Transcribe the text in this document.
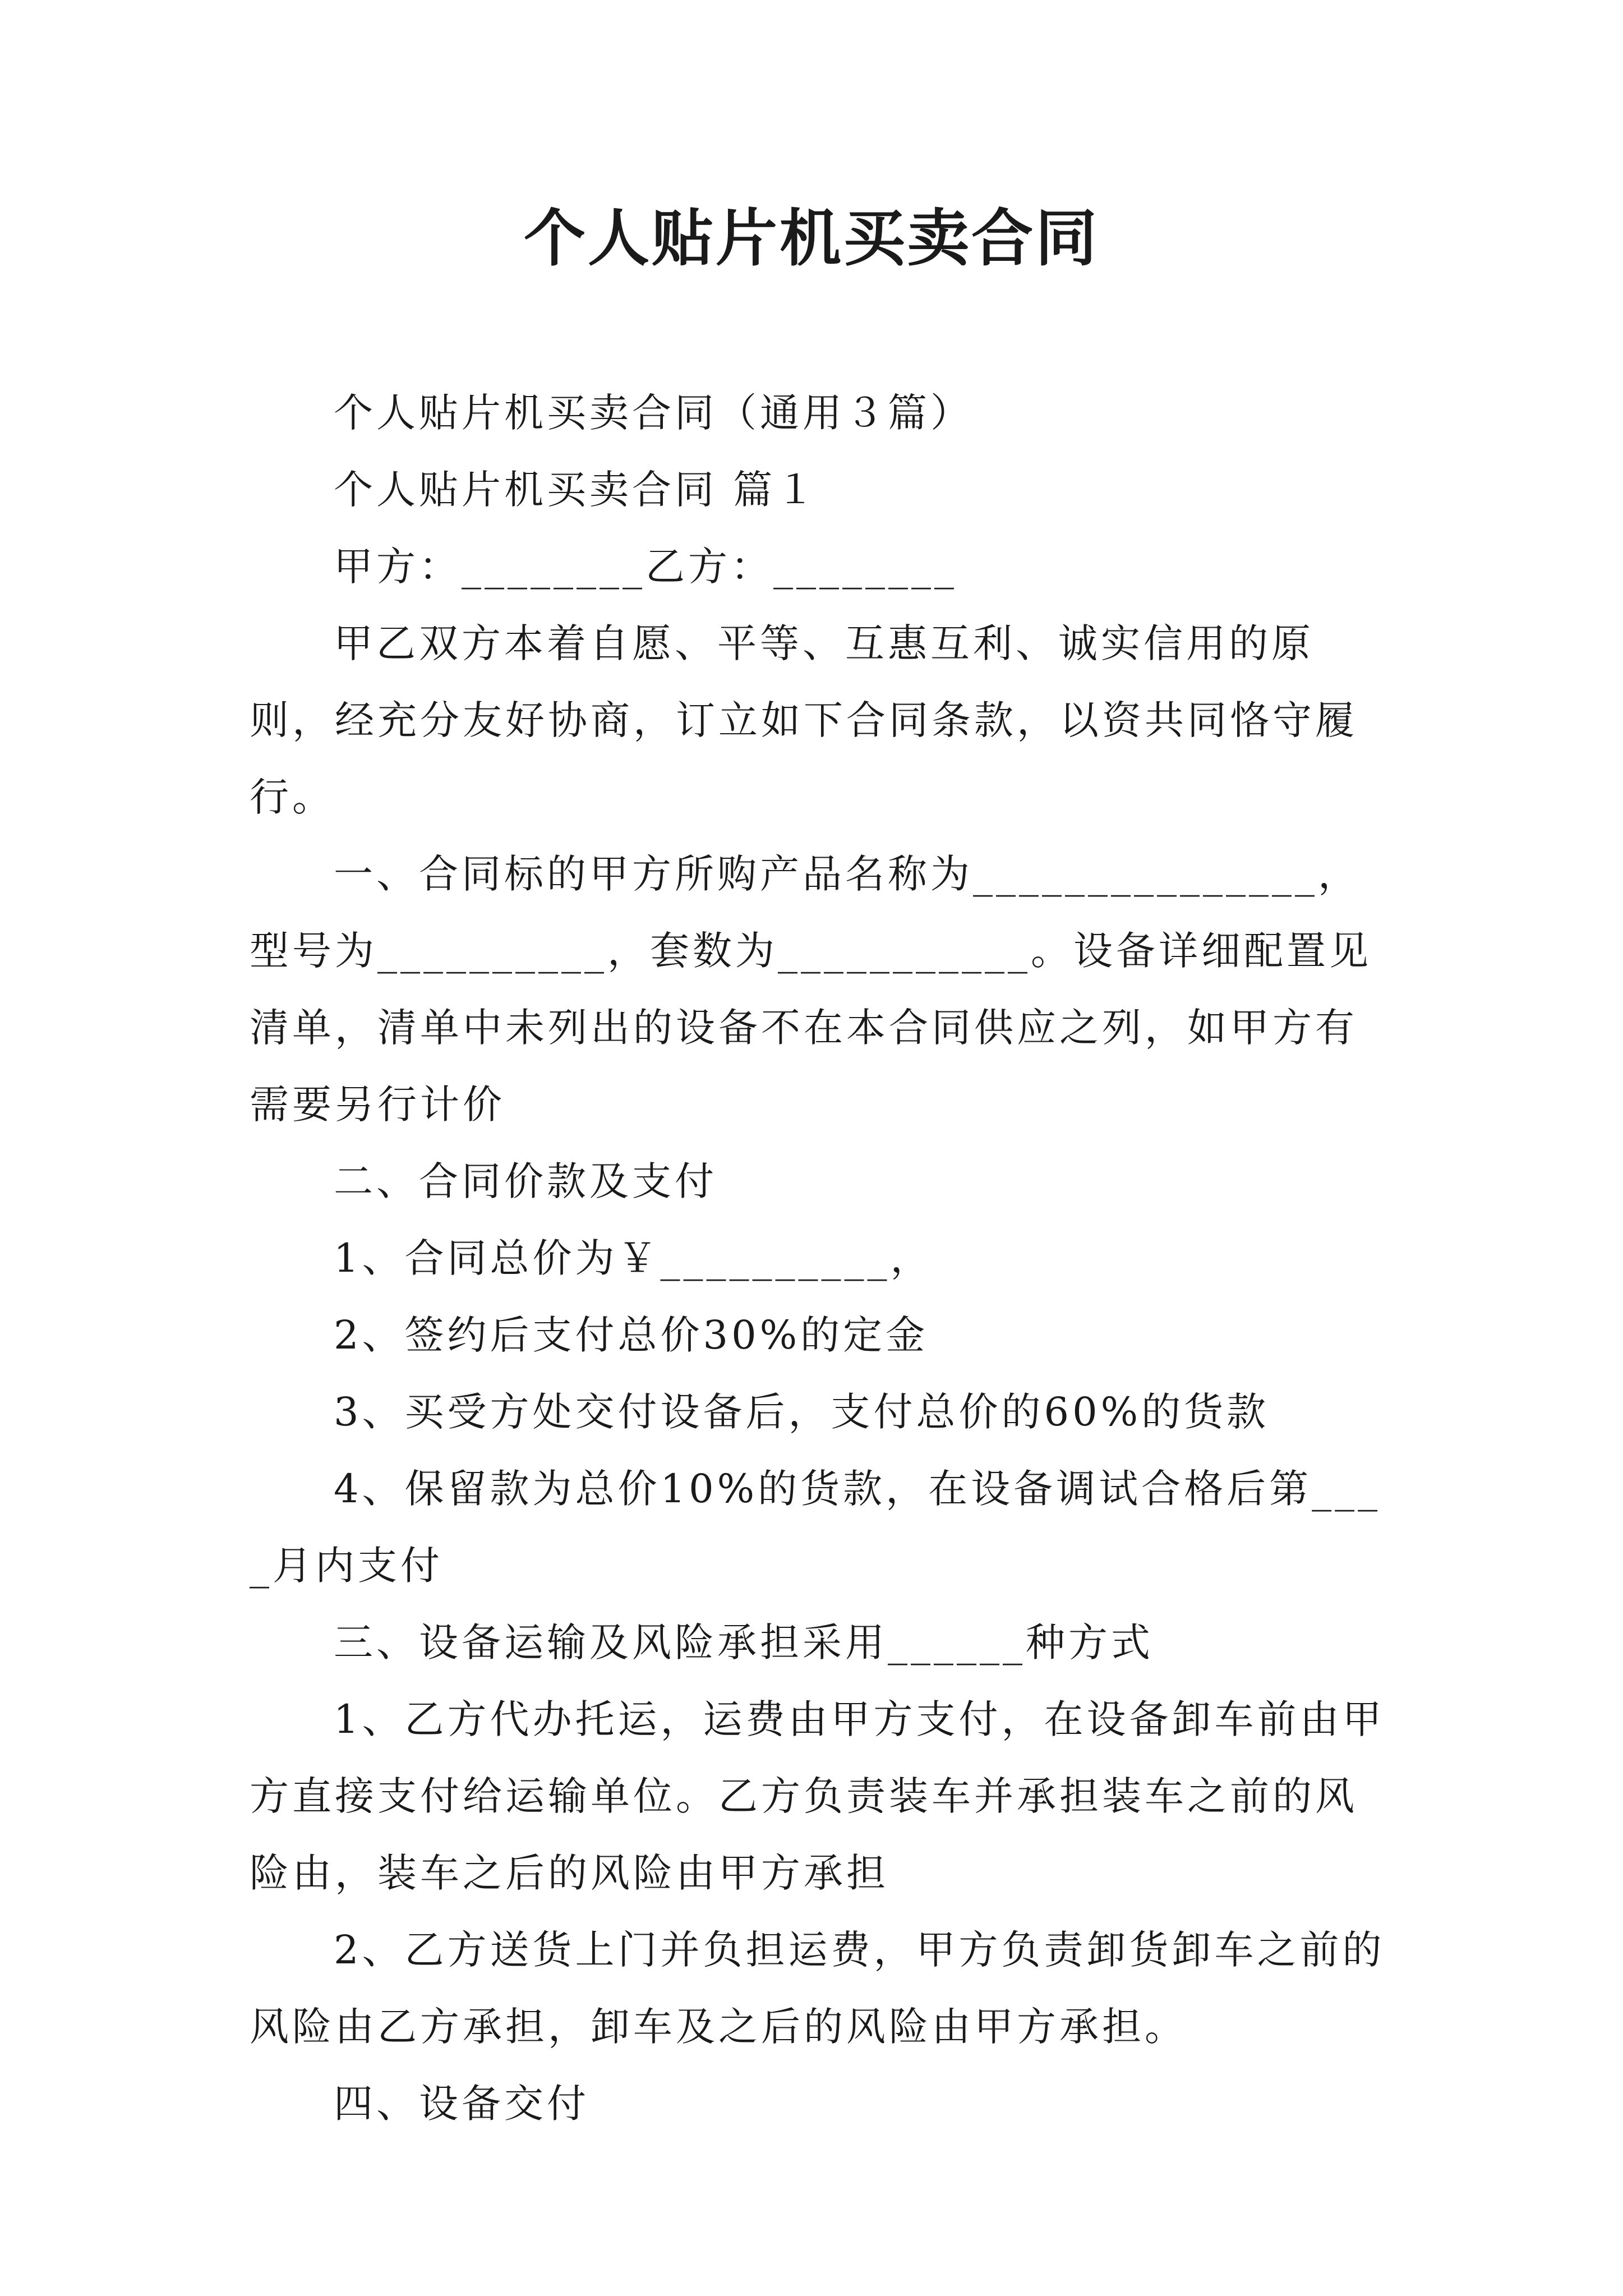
个人贴片机买卖合同

个人贴片机买卖合同（通用３篇）

个人贴片机买卖合同 篇１

甲方：________乙方：________

甲乙双方本着自愿、平等、互惠互利、诚实信用的原则，经充分友好协商，订立如下合同条款，以资共同恪守履行。

一、合同标的甲方所购产品名称为_______________，型号为__________，套数为___________。设备详细配置见清单，清单中未列出的设备不在本合同供应之列，如甲方有需要另行计价

二、合同价款及支付

1、合同总价为￥__________，

2、签约后支付总价30%的定金

3、买受方处交付设备后，支付总价的60%的货款

4、保留款为总价10%的货款，在设备调试合格后第____月内支付

三、设备运输及风险承担采用______种方式

1、乙方代办托运，运费由甲方支付，在设备卸车前由甲方直接支付给运输单位。乙方负责装车并承担装车之前的风险由，装车之后的风险由甲方承担

2、乙方送货上门并负担运费，甲方负责卸货卸车之前的风险由乙方承担，卸车及之后的风险由甲方承担。

四、设备交付
